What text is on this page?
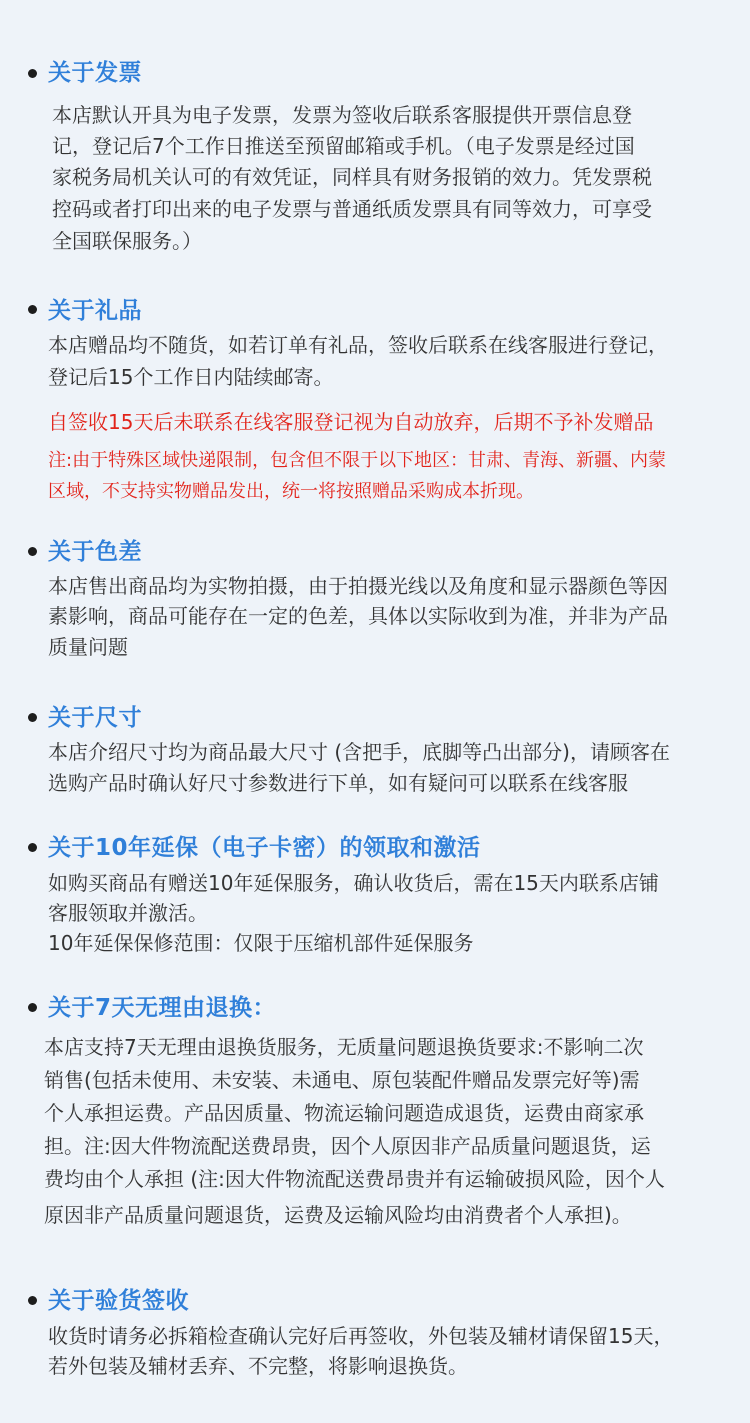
关于发票
本店默认开具为电子发票，发票为签收后联系客服提供开票信息登
记，登记后7个工作日推送至预留邮箱或手机。（电子发票是经过国
家税务局机关认可的有效凭证，同样具有财务报销的效力。凭发票税
控码或者打印出来的电子发票与普通纸质发票具有同等效力，可享受
全国联保服务。）
关于礼品
本店赠品均不随货，如若订单有礼品，签收后联系在线客服进行登记，
登记后15个工作日内陆续邮寄。
自签收15天后未联系在线客服登记视为自动放弃，后期不予补发赠品
注:由于特殊区域快递限制，包含但不限于以下地区：甘肃、青海、新疆、内蒙
区域，不支持实物赠品发出，统一将按照赠品采购成本折现。
关于色差
本店售出商品均为实物拍摄，由于拍摄光线以及角度和显示器颜色等因
素影响，商品可能存在一定的色差，具体以实际收到为准，并非为产品
质量问题
关于尺寸
本店介绍尺寸均为商品最大尺寸 (含把手，底脚等凸出部分)，请顾客在
选购产品时确认好尺寸参数进行下单，如有疑问可以联系在线客服
关于10年延保（电子卡密）的领取和激活
如购买商品有赠送10年延保服务，确认收货后，需在15天内联系店铺
客服领取并激活。
10年延保保修范围：仅限于压缩机部件延保服务
关于7天无理由退换：
本店支持7天无理由退换货服务，无质量问题退换货要求:不影响二次
销售(包括未使用、未安装、未通电、原包装配件赠品发票完好等)需
个人承担运费。产品因质量、物流运输问题造成退货，运费由商家承
担。注:因大件物流配送费昂贵，因个人原因非产品质量问题退货，运
费均由个人承担 (注:因大件物流配送费昂贵并有运输破损风险，因个人
原因非产品质量问题退货，运费及运输风险均由消费者个人承担)。
关于验货签收
收货时请务必拆箱检查确认完好后再签收，外包装及辅材请保留15天，
若外包装及辅材丢弃、不完整，将影响退换货。
